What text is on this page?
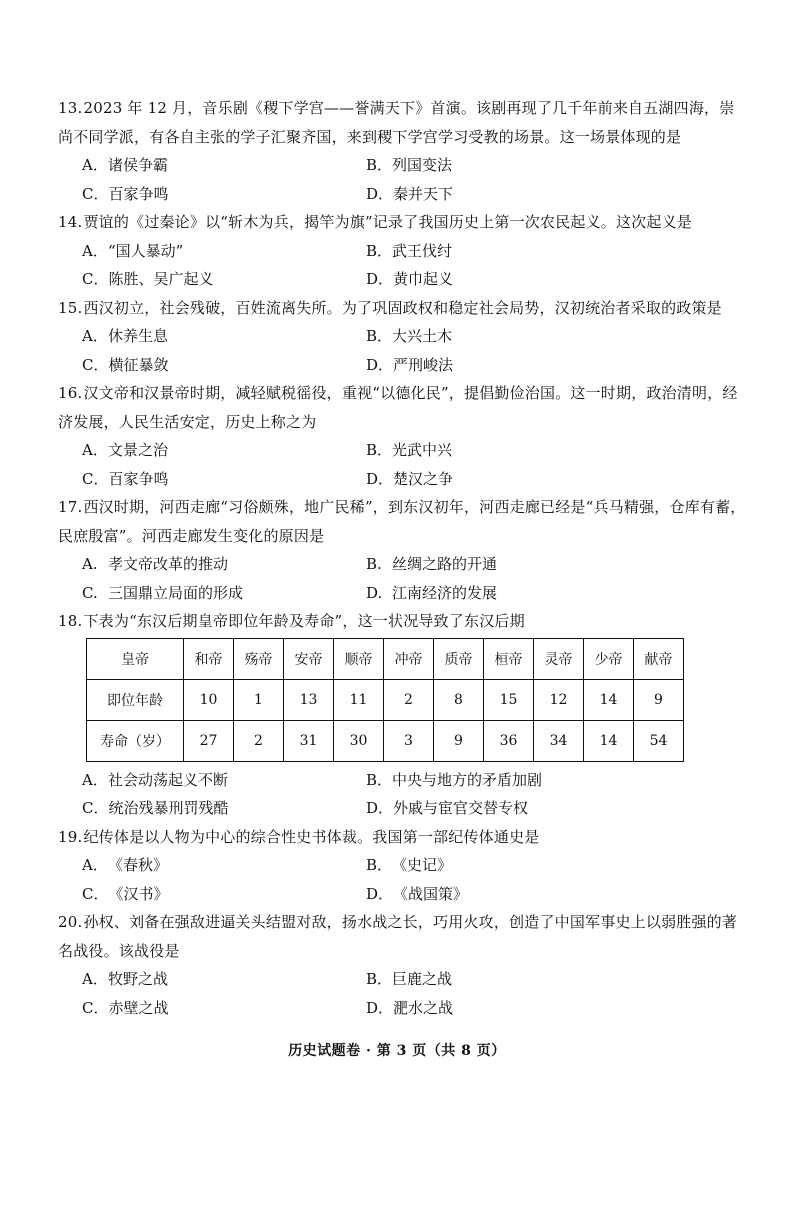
13.2023 年 12 月，音乐剧《稷下学宫——誉满天下》首演。该剧再现了几千年前来自五湖四海，崇尚不同学派，有各自主张的学子汇聚齐国，来到稷下学宫学习受教的场景。这一场景体现的是
A．诸侯争霸	B．列国变法
C．百家争鸣	D．秦并天下
14.贾谊的《过秦论》以“斩木为兵，揭竿为旗”记录了我国历史上第一次农民起义。这次起义是
A．“国人暴动”	B．武王伐纣
C．陈胜、吴广起义	D．黄巾起义
15.西汉初立，社会残破，百姓流离失所。为了巩固政权和稳定社会局势，汉初统治者采取的政策是
A．休养生息	B．大兴土木
C．横征暴敛	D．严刑峻法
16.汉文帝和汉景帝时期，减轻赋税徭役，重视“以德化民”，提倡勤俭治国。这一时期，政治清明，经济发展，人民生活安定，历史上称之为
A．文景之治	B．光武中兴
C．百家争鸣	D．楚汉之争
17.西汉时期，河西走廊“习俗颇殊，地广民稀”，到东汉初年，河西走廊已经是“兵马精强，仓库有蓄，民庶殷富”。河西走廊发生变化的原因是
A. 孝文帝改革的推动	B. 丝绸之路的开通
C. 三国鼎立局面的形成	D. 江南经济的发展
18.下表为“东汉后期皇帝即位年龄及寿命”，这一状况导致了东汉后期
皇帝	和帝	殇帝	安帝	顺帝	冲帝	质帝	桓帝	灵帝	少帝	献帝
即位年龄	10	1	13	11	2	8	15	12	14	9
寿命（岁）	27	2	31	30	3	9	36	34	14	54
A．社会动荡起义不断	B．中央与地方的矛盾加剧
C．统治残暴刑罚残酷	D．外戚与宦官交替专权
19.纪传体是以人物为中心的综合性史书体裁。我国第一部纪传体通史是
A．《春秋》	B．《史记》
C．《汉书》	D．《战国策》
20.孙权、刘备在强敌进逼关头结盟对敌，扬水战之长，巧用火攻，创造了中国军事史上以弱胜强的著名战役。该战役是
A．牧野之战	B．巨鹿之战
C．赤壁之战	D．淝水之战
历史试题卷 · 第 3 页（共 8 页）
